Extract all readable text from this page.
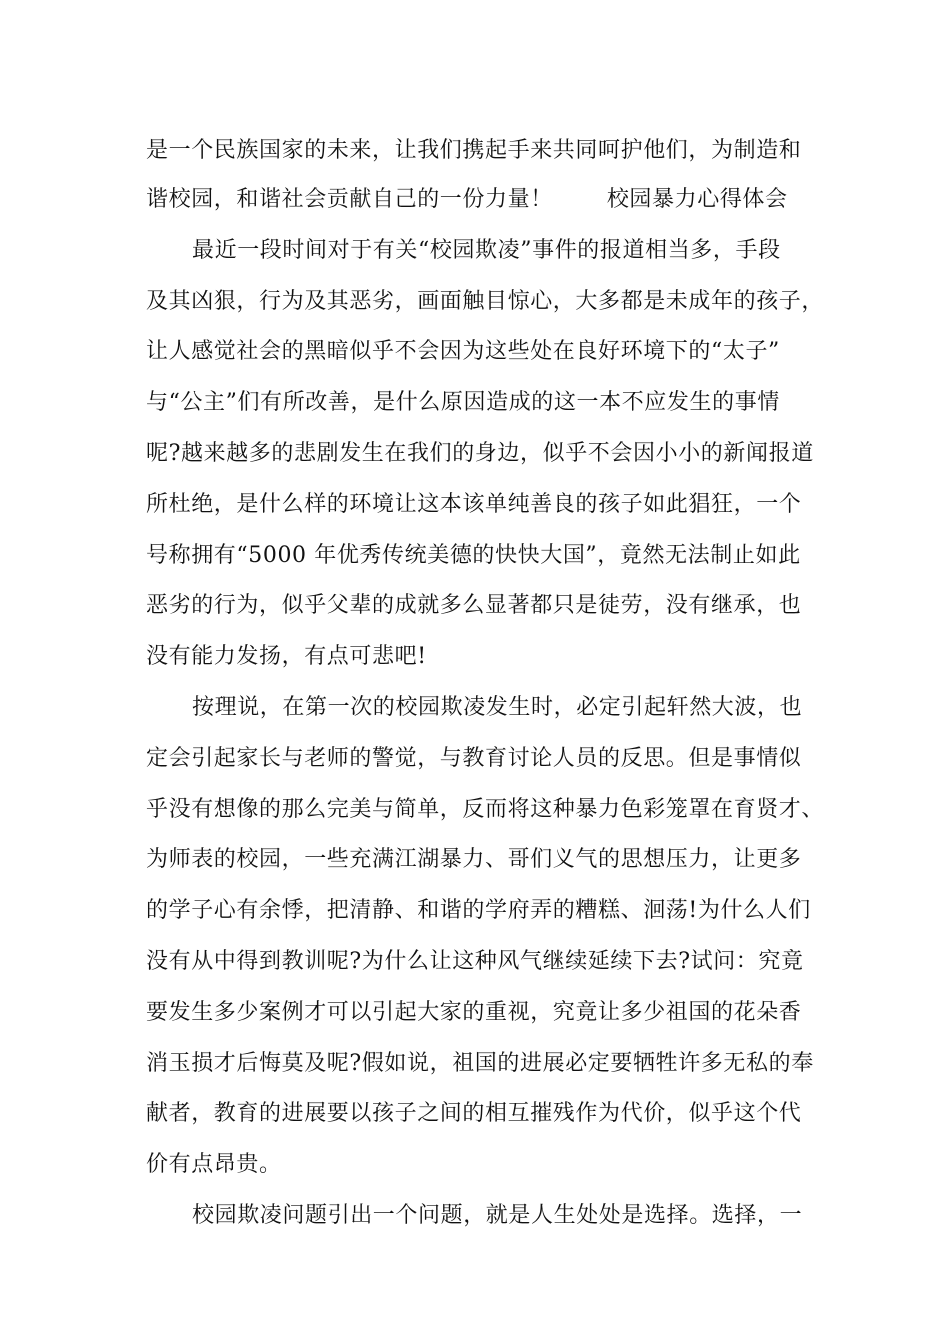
是一个民族国家的未来，让我们携起手来共同呵护他们，为制造和
谐校园，和谐社会贡献自己的一份力量！ 校园暴力心得体会
最近一段时间对于有关“校园欺凌”事件的报道相当多，手段
及其凶狠，行为及其恶劣，画面触目惊心，大多都是未成年的孩子，
让人感觉社会的黑暗似乎不会因为这些处在良好环境下的“太子”
与“公主”们有所改善，是什么原因造成的这一本不应发生的事情
呢?越来越多的悲剧发生在我们的身边，似乎不会因小小的新闻报道
所杜绝，是什么样的环境让这本该单纯善良的孩子如此猖狂，一个
号称拥有“5000 年优秀传统美德的快快大国”，竟然无法制止如此
恶劣的行为，似乎父辈的成就多么显著都只是徒劳，没有继承，也
没有能力发扬，有点可悲吧!
按理说，在第一次的校园欺凌发生时，必定引起轩然大波，也
定会引起家长与老师的警觉，与教育讨论人员的反思。但是事情似
乎没有想像的那么完美与简单，反而将这种暴力色彩笼罩在育贤才、
为师表的校园，一些充满江湖暴力、哥们义气的思想压力，让更多
的学子心有余悸，把清静、和谐的学府弄的糟糕、洄荡!为什么人们
没有从中得到教训呢?为什么让这种风气继续延续下去?试问：究竟
要发生多少案例才可以引起大家的重视，究竟让多少祖国的花朵香
消玉损才后悔莫及呢?假如说，祖国的进展必定要牺牲许多无私的奉
献者，教育的进展要以孩子之间的相互摧残作为代价，似乎这个代
价有点昂贵。
校园欺凌问题引出一个问题，就是人生处处是选择。选择，一
